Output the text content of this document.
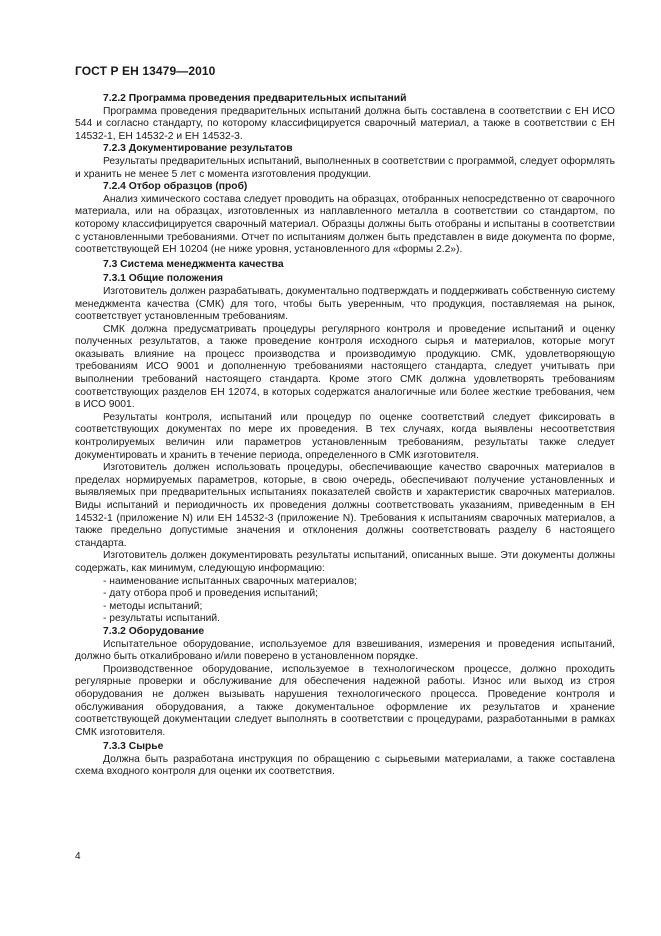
ГОСТ Р ЕН 13479—2010
7.2.2 Программа проведения предварительных испытаний

Программа проведения предварительных испытаний должна быть составлена в соответствии с ЕН ИСО 544 и согласно стандарту, по которому классифицируется сварочный материал, а также в соответствии с ЕН 14532-1, ЕН 14532-2 и ЕН 14532-3.

7.2.3 Документирование результатов

Результаты предварительных испытаний, выполненных в соответствии с программой, следует оформлять и хранить не менее 5 лет с момента изготовления продукции.

7.2.4 Отбор образцов (проб)

Анализ химического состава следует проводить на образцах, отобранных непосредственно от сварочного материала, или на образцах, изготовленных из наплавленного металла в соответствии со стандартом, по которому классифицируется сварочный материал. Образцы должны быть отобраны и испытаны в соответствии с установленными требованиями. Отчет по испытаниям должен быть представлен в виде документа по форме, соответствующей ЕН 10204 (не ниже уровня, установленного для «формы 2.2»).

7.3 Система менеджмента качества
7.3.1 Общие положения

Изготовитель должен разрабатывать, документально подтверждать и поддерживать собственную систему менеджмента качества (СМК) для того, чтобы быть уверенным, что продукция, поставляемая на рынок, соответствует установленным требованиям.

СМК должна предусматривать процедуры регулярного контроля и проведение испытаний и оценку полученных результатов, а также проведение контроля исходного сырья и материалов, которые могут оказывать влияние на процесс производства и производимую продукцию. СМК, удовлетворяющую требованиям ИСО 9001 и дополненную требованиями настоящего стандарта, следует учитывать при выполнении требований настоящего стандарта. Кроме этого СМК должна удовлетворять требованиям соответствующих разделов ЕН 12074, в которых содержатся аналогичные или более жесткие требования, чем в ИСО 9001.

Результаты контроля, испытаний или процедур по оценке соответствий следует фиксировать в соответствующих документах по мере их проведения. В тех случаях, когда выявлены несоответствия контролируемых величин или параметров установленным требованиям, результаты также следует документировать и хранить в течение периода, определенного в СМК изготовителя.

Изготовитель должен использовать процедуры, обеспечивающие качество сварочных материалов в пределах нормируемых параметров, которые, в свою очередь, обеспечивают получение установленных и выявляемых при предварительных испытаниях показателей свойств и характеристик сварочных материалов. Виды испытаний и периодичность их проведения должны соответствовать указаниям, приведенным в ЕН 14532-1 (приложение N) или ЕН 14532-3 (приложение N). Требования к испытаниям сварочных материалов, а также предельно допустимые значения и отклонения должны соответствовать разделу 6 настоящего стандарта.

Изготовитель должен документировать результаты испытаний, описанных выше. Эти документы должны содержать, как минимум, следующую информацию:

- наименование испытанных сварочных материалов;
- дату отбора проб и проведения испытаний;
- методы испытаний;
- результаты испытаний.
7.3.2 Оборудование

Испытательное оборудование, используемое для взвешивания, измерения и проведения испытаний, должно быть откалибровано и/или поверено в установленном порядке.

Производственное оборудование, используемое в технологическом процессе, должно проходить регулярные проверки и обслуживание для обеспечения надежной работы. Износ или выход из строя оборудования не должен вызывать нарушения технологического процесса. Проведение контроля и обслуживания оборудования, а также документальное оформление их результатов и хранение соответствующей документации следует выполнять в соответствии с процедурами, разработанными в рамках СМК изготовителя.

7.3.3 Сырье

Должна быть разработана инструкция по обращению с сырьевыми материалами, а также составлена схема входного контроля для оценки их соответствия.

4
